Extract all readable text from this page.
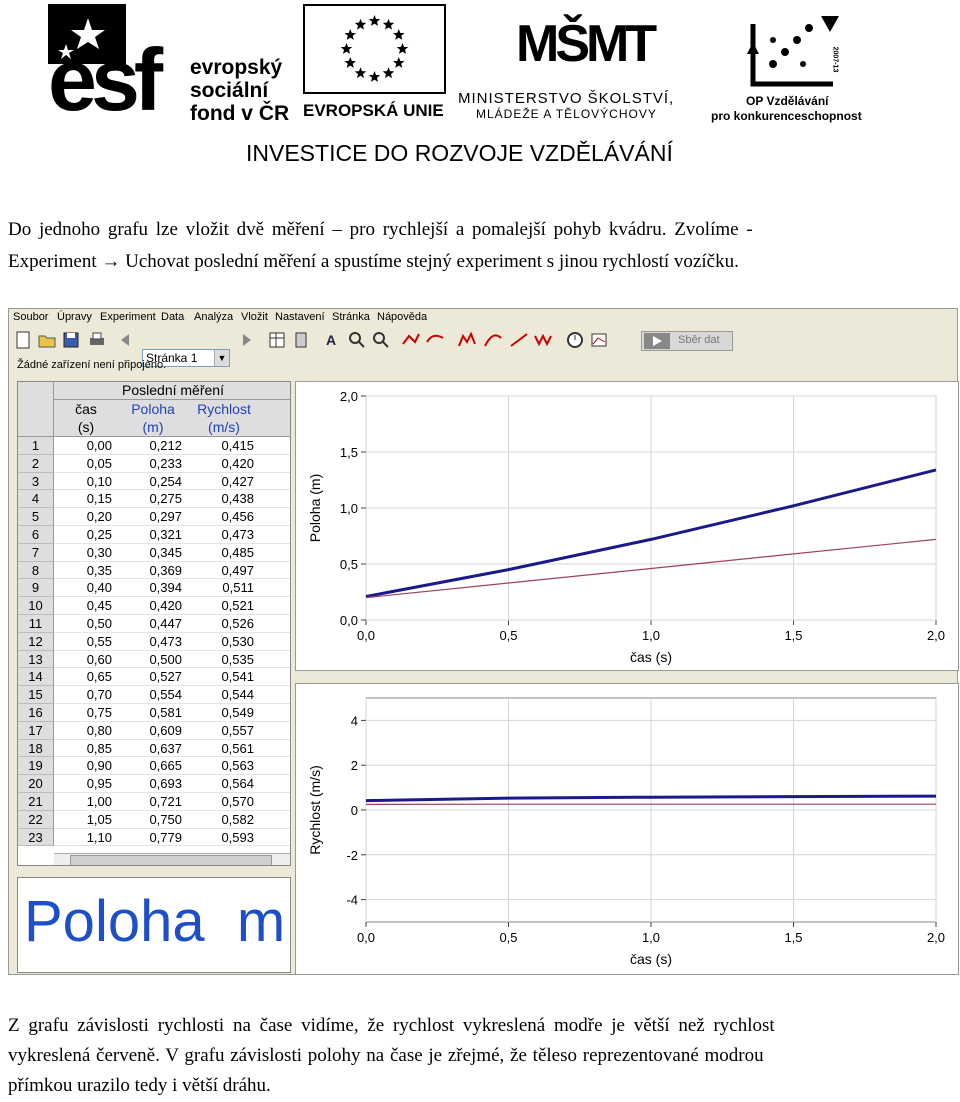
esf evropský
sociální
fond v ČR EVROPSKÁ UNIE
MŠMT
MINISTERSTVO ŠKOLSTVÍ,
MLÁDEŽE A TĚLOVÝCHOVY
2007-13
OP Vzdělávání
pro konkurenceschopnost
INVESTICE DO ROZVOJE VZDĚLÁVÁNÍ
Do jednoho grafu lze vložit dvě měření – pro rychlejší a pomalejší pohyb kvádru. Zvolíme -
Experiment → Uchovat poslední měření a spustíme stejný experiment s jinou rychlostí vozíčku.
Soubor Úpravy Experiment Data Analýza Vložit Nastavení Stránka Nápověda
Stránka 1	▼
A	Sběr dat
Žádné zařízení není připojeno.
Poslední měření
čas
(s)
Poloha
(m)
Rychlost
(m/s)
1	0,00	0,212	0,415
2	0,05	0,233	0,420
3	0,10	0,254	0,427
4	0,15	0,275	0,438
5	0,20	0,297	0,456
6	0,25	0,321	0,473
7	0,30	0,345	0,485
8	0,35	0,369	0,497
9	0,40	0,394	0,511
10	0,45	0,420	0,521
11	0,50	0,447	0,526
12	0,55	0,473	0,530
13	0,60	0,500	0,535
14	0,65	0,527	0,541
15	0,70	0,554	0,544
16	0,75	0,581	0,549
17	0,80	0,609	0,557
18	0,85	0,637	0,561
19	0,90	0,665	0,563
20	0,95	0,693	0,564
21	1,00	0,721	0,570
22	1,05	0,750	0,582
23	1,10	0,779	0,593
Poloha  m
0,0	0,5	1,0	1,5	2,0
0,0
0,5
1,0
1,5
2,0
čas (s)
Poloha (m)
0,0	0,5	1,0	1,5	2,0
4
2
0
-2
-4
čas (s)
Rychlost (m/s)
Z grafu závislosti rychlosti na čase vidíme, že rychlost vykreslená modře je větší než rychlost
vykreslená červeně. V grafu závislosti polohy na čase je zřejmé, že těleso reprezentované modrou
přímkou urazilo tedy i větší dráhu.
